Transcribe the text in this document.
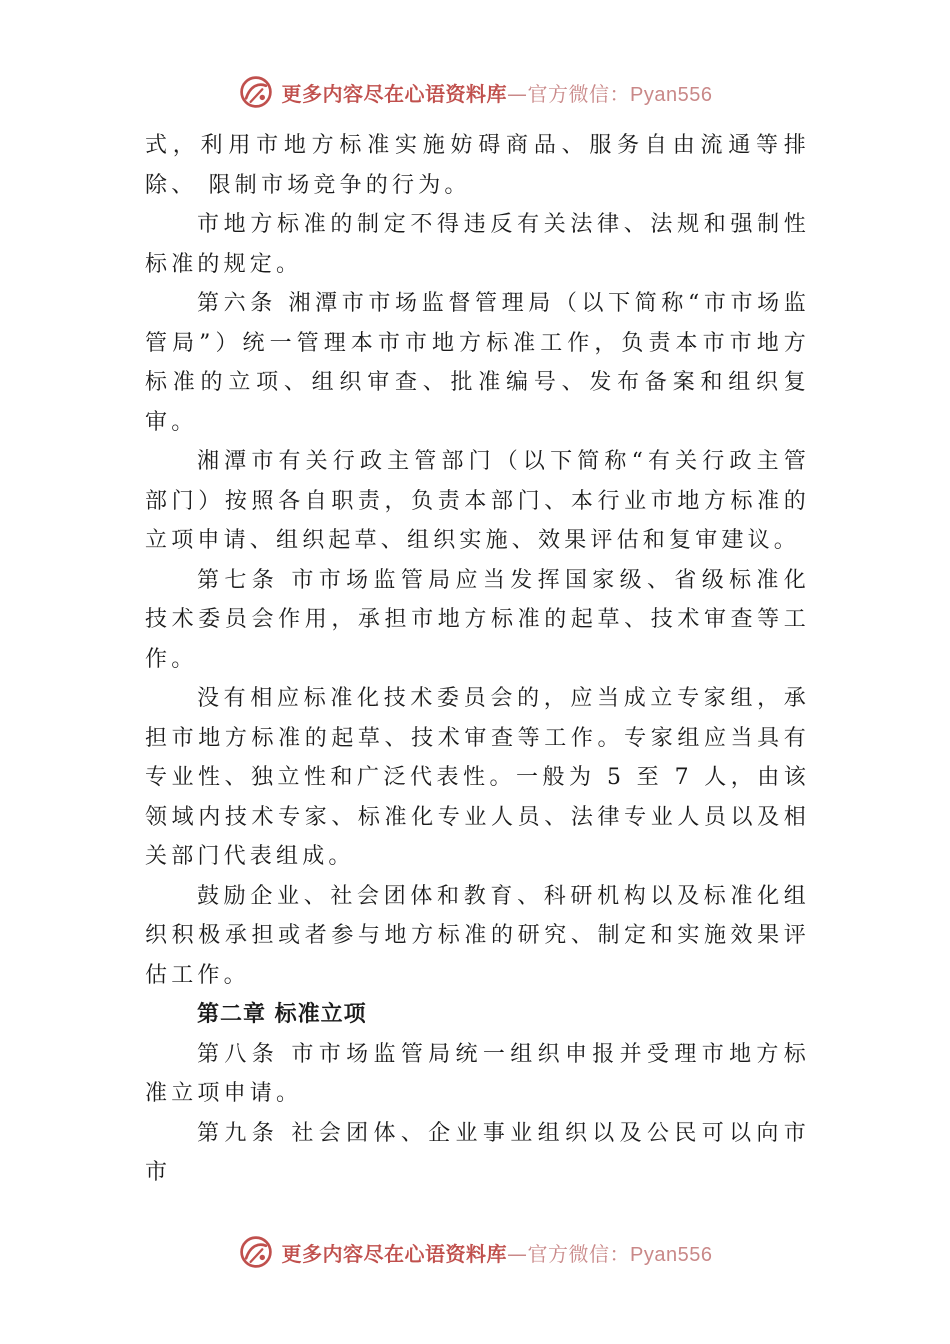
更多内容尽在心语资料库—官方微信：Pyan556

式，利用市地方标准实施妨碍商品、服务自由流通等排除、 限制市场竞争的行为。

市地方标准的制定不得违反有关法律、法规和强制性标准的规定。

第六条 湘潭市市场监督管理局（以下简称“市市场监管局”）统一管理本市市地方标准工作，负责本市市地方标准的立项、组织审查、批准编号、发布备案和组织复审。

湘潭市有关行政主管部门（以下简称“有关行政主管部门）按照各自职责，负责本部门、本行业市地方标准的立项申请、组织起草、组织实施、效果评估和复审建议。

第七条 市市场监管局应当发挥国家级、省级标准化技术委员会作用，承担市地方标准的起草、技术审查等工作。

没有相应标准化技术委员会的，应当成立专家组，承担市地方标准的起草、技术审查等工作。专家组应当具有专业性、独立性和广泛代表性。一般为 5 至 7 人，由该领域内技术专家、标准化专业人员、法律专业人员以及相关部门代表组成。

鼓励企业、社会团体和教育、科研机构以及标准化组织积极承担或者参与地方标准的研究、制定和实施效果评估工作。

第二章 标准立项

第八条 市市场监管局统一组织申报并受理市地方标准立项申请。

第九条 社会团体、企业事业组织以及公民可以向市市

更多内容尽在心语资料库—官方微信：Pyan556
